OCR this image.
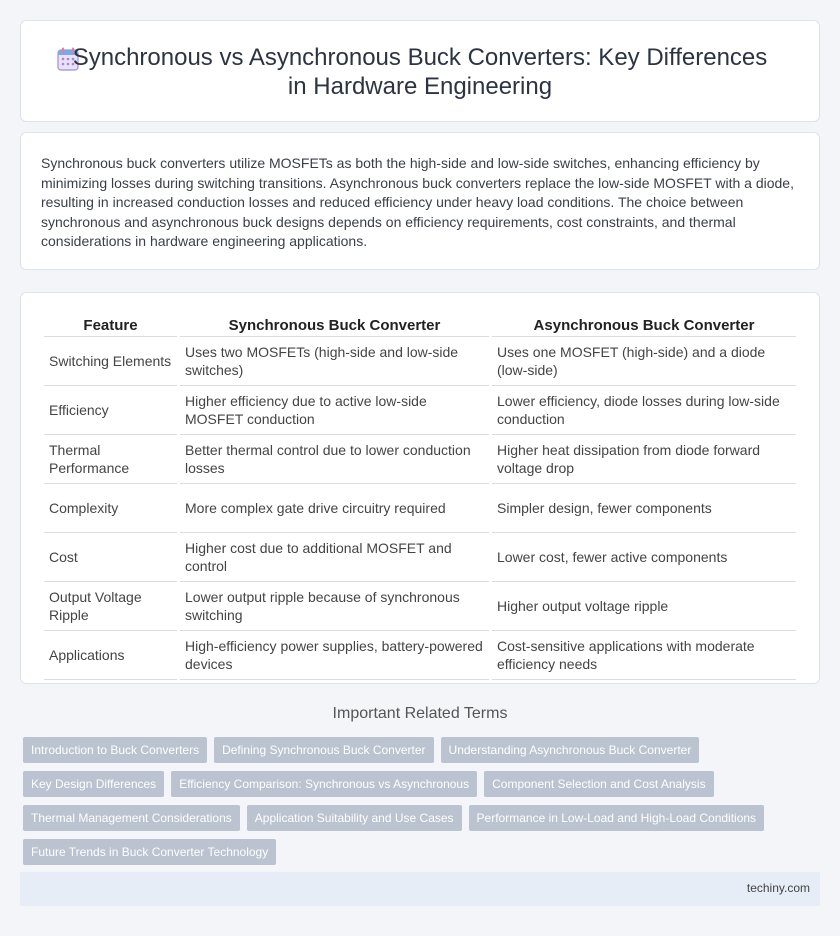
Synchronous vs Asynchronous Buck Converters: Key Differences in Hardware Engineering

Synchronous buck converters utilize MOSFETs as both the high-side and low-side switches, enhancing efficiency by minimizing losses during switching transitions. Asynchronous buck converters replace the low-side MOSFET with a diode, resulting in increased conduction losses and reduced efficiency under heavy load conditions. The choice between synchronous and asynchronous buck designs depends on efficiency requirements, cost constraints, and thermal considerations in hardware engineering applications.

Feature	Synchronous Buck Converter	Asynchronous Buck Converter
Switching Elements	Uses two MOSFETs (high-side and low-side switches)	Uses one MOSFET (high-side) and a diode (low-side)
Efficiency	Higher efficiency due to active low-side MOSFET conduction	Lower efficiency, diode losses during low-side conduction
Thermal Performance	Better thermal control due to lower conduction losses	Higher heat dissipation from diode forward voltage drop
Complexity	More complex gate drive circuitry required	Simpler design, fewer components
Cost	Higher cost due to additional MOSFET and control	Lower cost, fewer active components
Output Voltage Ripple	Lower output ripple because of synchronous switching	Higher output voltage ripple
Applications	High-efficiency power supplies, battery-powered devices	Cost-sensitive applications with moderate efficiency needs
Important Related Terms
Introduction to Buck Converters	Defining Synchronous Buck Converter	Understanding Asynchronous Buck Converter
Key Design Differences	Efficiency Comparison: Synchronous vs Asynchronous	Component Selection and Cost Analysis
Thermal Management Considerations	Application Suitability and Use Cases	Performance in Low-Load and High-Load Conditions
Future Trends in Buck Converter Technology
techiny.com
